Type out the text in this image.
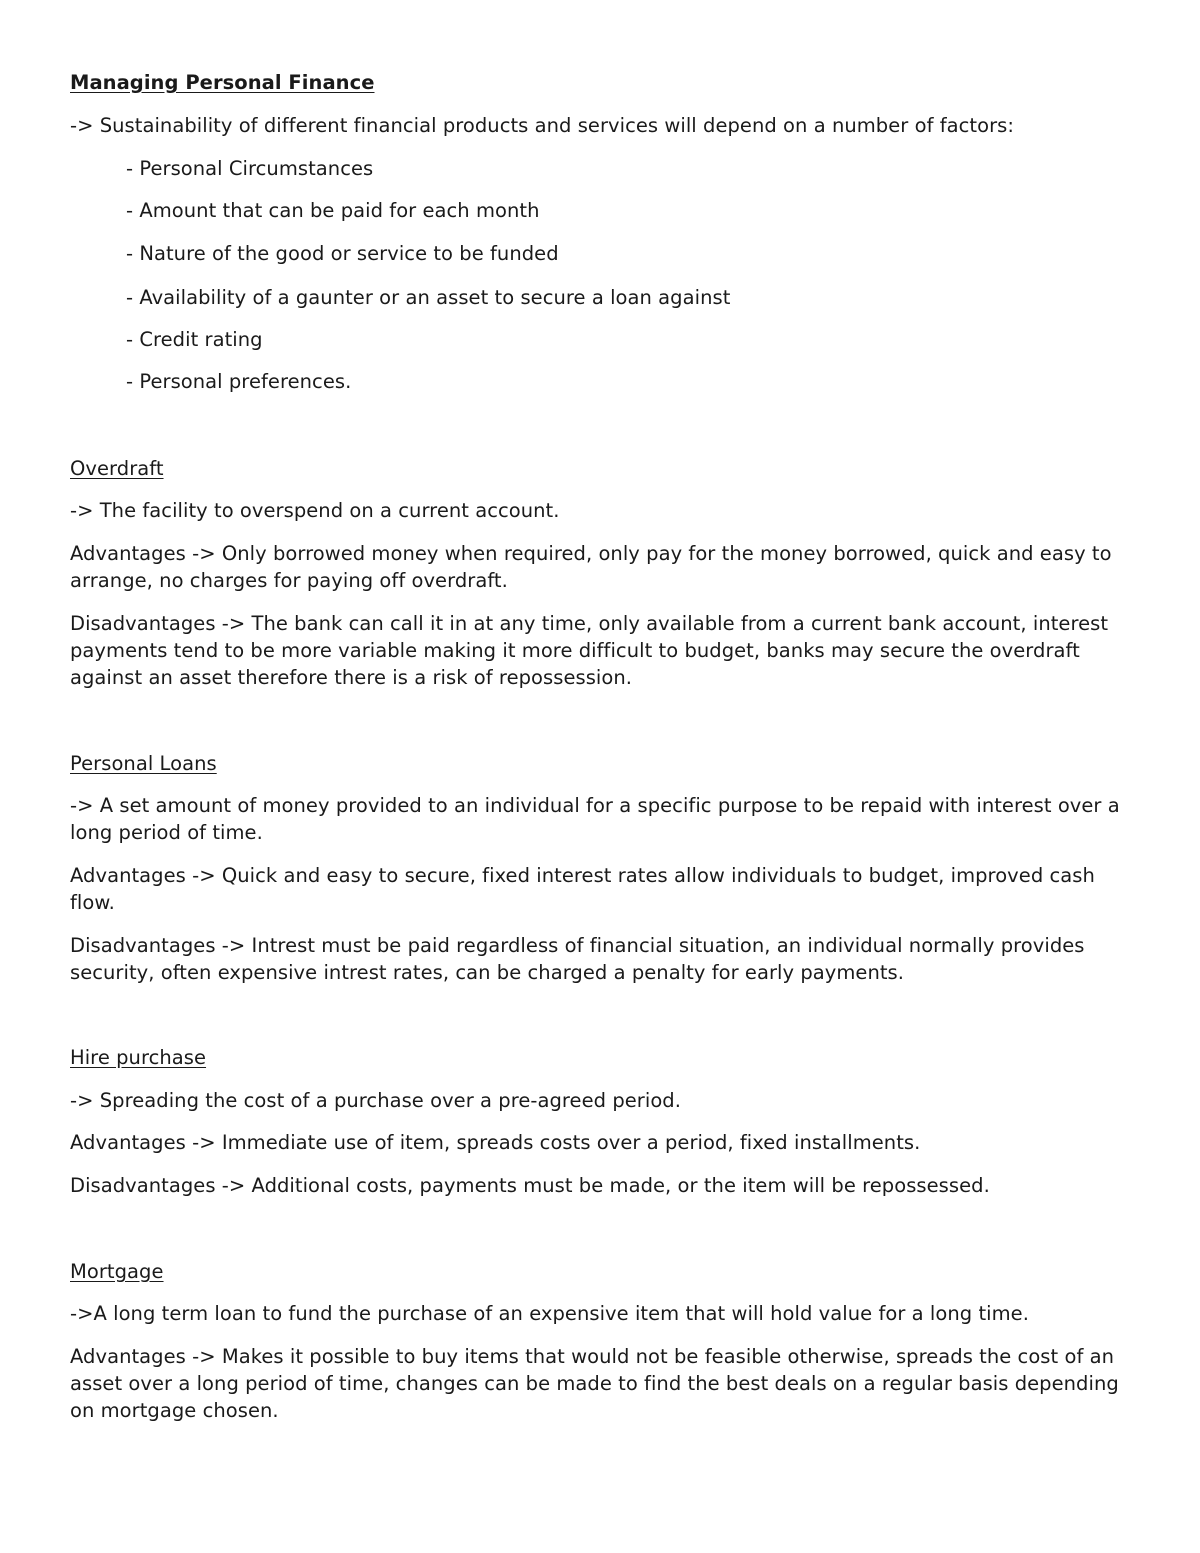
Managing Personal Finance
-> Sustainability of different financial products and services will depend on a number of factors:
- Personal Circumstances
- Amount that can be paid for each month
- Nature of the good or service to be funded
- Availability of a gaunter or an asset to secure a loan against
- Credit rating
- Personal preferences.
Overdraft
-> The facility to overspend on a current account.
Advantages -> Only borrowed money when required, only pay for the money borrowed, quick and easy to arrange, no charges for paying off overdraft.
Disadvantages -> The bank can call it in at any time, only available from a current bank account, interest payments tend to be more variable making it more difficult to budget, banks may secure the overdraft against an asset therefore there is a risk of repossession.
Personal Loans
-> A set amount of money provided to an individual for a specific purpose to be repaid with interest over a long period of time.
Advantages -> Quick and easy to secure, fixed interest rates allow individuals to budget, improved cash flow.
Disadvantages -> Intrest must be paid regardless of financial situation, an individual normally provides security, often expensive intrest rates, can be charged a penalty for early payments.
Hire purchase
-> Spreading the cost of a purchase over a pre-agreed period.
Advantages -> Immediate use of item, spreads costs over a period, fixed installments.
Disadvantages -> Additional costs, payments must be made, or the item will be repossessed.
Mortgage
->A long term loan to fund the purchase of an expensive item that will hold value for a long time.
Advantages -> Makes it possible to buy items that would not be feasible otherwise, spreads the cost of an asset over a long period of time, changes can be made to find the best deals on a regular basis depending on mortgage chosen.
